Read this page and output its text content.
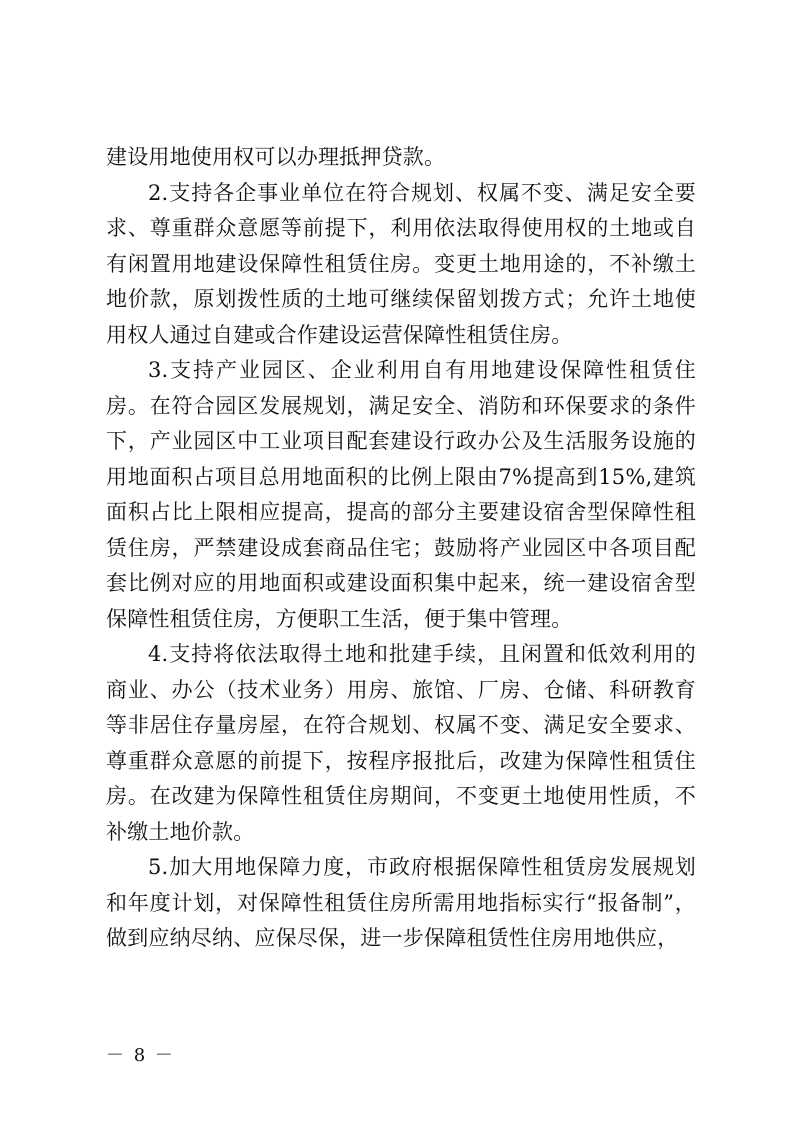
建设用地使用权可以办理抵押贷款。

2.支持各企事业单位在符合规划、权属不变、满足安全要求、尊重群众意愿等前提下，利用依法取得使用权的土地或自有闲置用地建设保障性租赁住房。变更土地用途的，不补缴土地价款，原划拨性质的土地可继续保留划拨方式；允许土地使用权人通过自建或合作建设运营保障性租赁住房。

3.支持产业园区、企业利用自有用地建设保障性租赁住房。在符合园区发展规划，满足安全、消防和环保要求的条件下，产业园区中工业项目配套建设行政办公及生活服务设施的用地面积占项目总用地面积的比例上限由7%提高到15%,建筑面积占比上限相应提高，提高的部分主要建设宿舍型保障性租赁住房，严禁建设成套商品住宅；鼓励将产业园区中各项目配套比例对应的用地面积或建设面积集中起来，统一建设宿舍型保障性租赁住房，方便职工生活，便于集中管理。

4.支持将依法取得土地和批建手续，且闲置和低效利用的商业、办公（技术业务）用房、旅馆、厂房、仓储、科研教育等非居住存量房屋，在符合规划、权属不变、满足安全要求、尊重群众意愿的前提下，按程序报批后，改建为保障性租赁住房。在改建为保障性租赁住房期间，不变更土地使用性质，不补缴土地价款。

5.加大用地保障力度，市政府根据保障性租赁房发展规划和年度计划，对保障性租赁住房所需用地指标实行“报备制”，做到应纳尽纳、应保尽保，进一步保障租赁性住房用地供应，

－ 8 －
